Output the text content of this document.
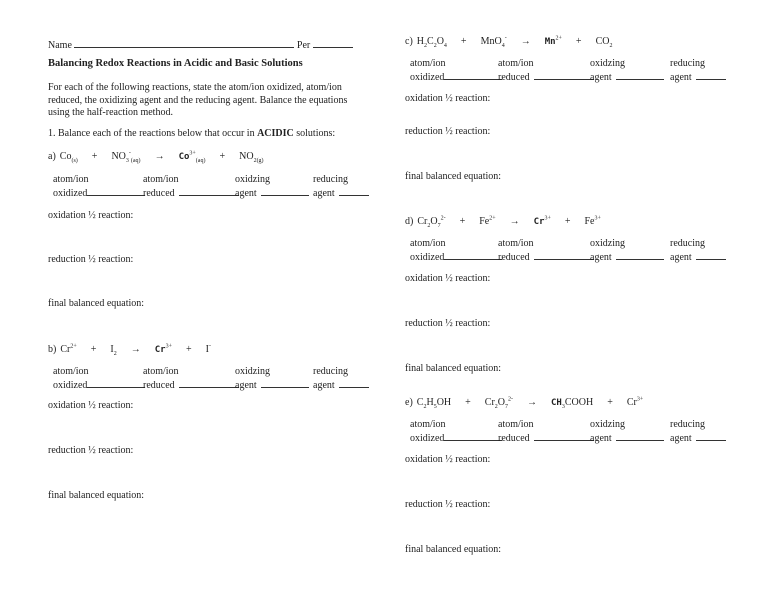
Name	Per
Balancing Redox Reactions in Acidic and Basic Solutions
For each of the following reactions, state the atom/ion oxidized, atom/ion reduced, the oxidizing agent and the reducing agent. Balance the equations using the half-reaction method.
1. Balance each of the reactions below that occur in ACIDIC solutions:
a) $Co_{(s)} + NO_3^-_{(aq)} \to Co^{3+}_{(aq)} + NO_{2(g)}$
atom/ion
oxidized
atom/ion
reduced
oxidzing
agent
reducing
agent
oxidation ½ reaction:
reduction ½ reaction:
final balanced equation:
b) $Cr^{2+} + I_2 \to Cr^{3+} + I^-$
atom/ion
oxidized
atom/ion
reduced
oxidzing
agent
reducing
agent
oxidation ½ reaction:
reduction ½ reaction:
final balanced equation:
c) $H_2C_2O_4 + MnO_4^- \to Mn^{2+} + CO_2$
atom/ion
oxidized
atom/ion
reduced
oxidzing
agent
reducing
agent
oxidation ½ reaction:
reduction ½ reaction:
final balanced equation:
d) $Cr_2O_7^{2-} + Fe^{2+} \to Cr^{3+} + Fe^{3+}$
atom/ion
oxidized
atom/ion
reduced
oxidzing
agent
reducing
agent
oxidation ½ reaction:
reduction ½ reaction:
final balanced equation:
e) $C_2H_5OH + Cr_2O_7^{2-}$ → $CH_3COOH + Cr^{3+}$
atom/ion
oxidized
atom/ion
reduced
oxidzing
agent
reducing
agent
oxidation ½ reaction:
reduction ½ reaction:
final balanced equation:
